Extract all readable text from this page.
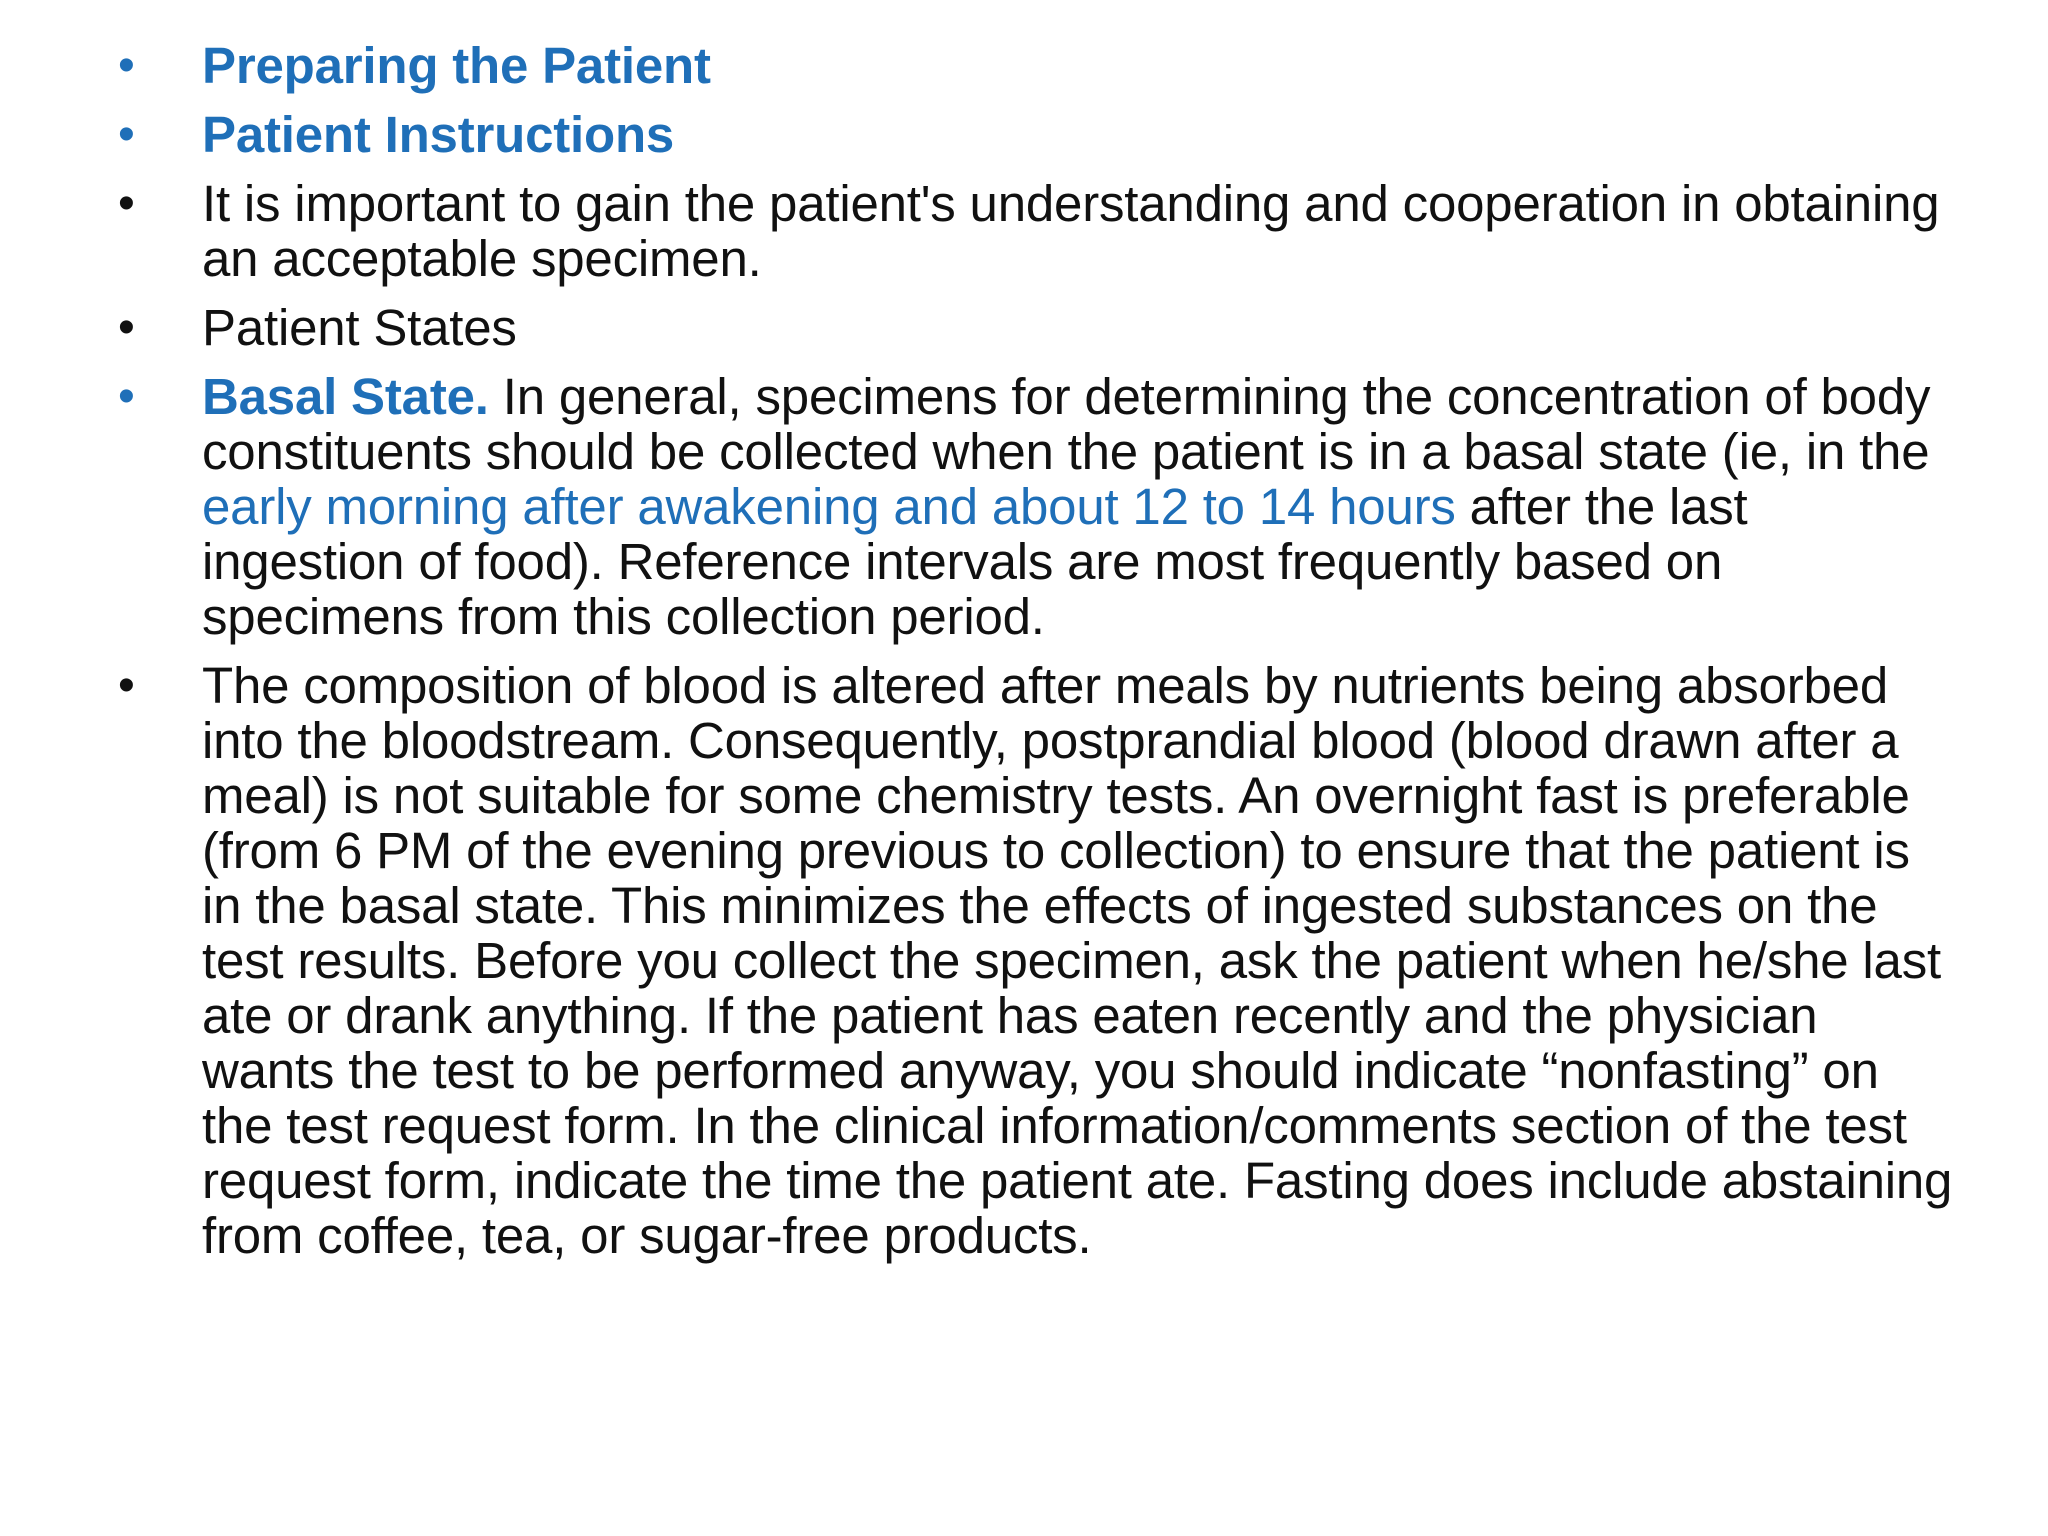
•	Preparing the Patient
•	Patient Instructions
•	It is important to gain the patient's understanding and cooperation in obtaining an acceptable specimen.
•	Patient States
•	Basal State. In general, specimens for determining the concentration of body constituents should be collected when the patient is in a basal state (ie, in the early morning after awakening and about 12 to 14 hours after the last ingestion of food). Reference intervals are most frequently based on specimens from this collection period.
•	The composition of blood is altered after meals by nutrients being absorbed into the bloodstream. Consequently, postprandial blood (blood drawn after a meal) is not suitable for some chemistry tests. An overnight fast is preferable (from 6 PM of the evening previous to collection) to ensure that the patient is in the basal state. This minimizes the effects of ingested substances on the test results. Before you collect the specimen, ask the patient when he/she last ate or drank anything. If the patient has eaten recently and the physician wants the test to be performed anyway, you should indicate “nonfasting” on the test request form. In the clinical information/comments section of the test request form, indicate the time the patient ate. Fasting does include abstaining from coffee, tea, or sugar-free products.
